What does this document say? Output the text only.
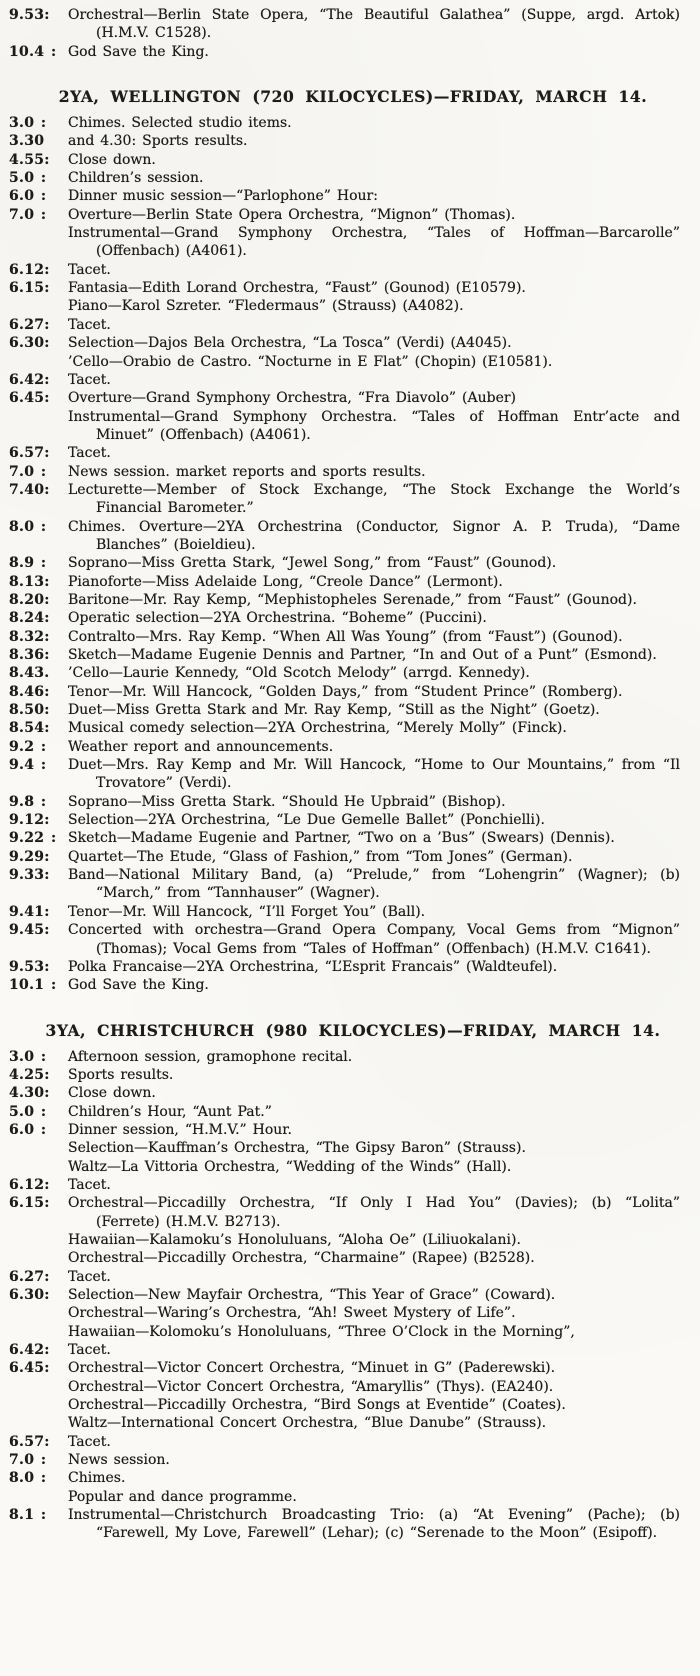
9.53:	Orchestral—Berlin State Opera, “The Beautiful Galathea” (Suppe, argd. Artok) (H.M.V. C1528).

10.4 : God Save the King.

2YA, WELLINGTON (720 KILOCYCLES)—FRIDAY, MARCH 14.

3.0 :	Chimes. Selected studio items.

3.30	and 4.30: Sports results.

4.55:	Close down.

5.0 :	Children’s session.

6.0 :	Dinner music session—“Parlophone” Hour:

7.0 :	Overture—Berlin State Opera Orchestra, “Mignon” (Thomas).

Instrumental—Grand Symphony Orchestra, “Tales of Hoffman—Barcarolle” (Offenbach) (A4061).

6.12:	Tacet.

6.15:	Fantasia—Edith Lorand Orchestra, “Faust” (Gounod) (E10579).

Piano—Karol Szreter. “Fledermaus” (Strauss) (A4082).

6.27:	Tacet.

6.30:	Selection—Dajos Bela Orchestra, “La Tosca” (Verdi) (A4045).

’Cello—Orabio de Castro. “Nocturne in E Flat” (Chopin) (E10581).

6.42:	Tacet.

6.45:	Overture—Grand Symphony Orchestra, “Fra Diavolo” (Auber)

Instrumental—Grand Symphony Orchestra. “Tales of Hoffman Entr’acte and Minuet” (Offenbach) (A4061).

6.57:	Tacet.

7.0 :	News session. market reports and sports results.

7.40:	Lecturette—Member of Stock Exchange, “The Stock Exchange the World’s Financial Barometer.”

8.0 :	Chimes. Overture—2YA Orchestrina (Conductor, Signor A. P. Truda), “Dame Blanches” (Boieldieu).

8.9 :	Soprano—Miss Gretta Stark, “Jewel Song,” from “Faust” (Gounod).

8.13:	Pianoforte—Miss Adelaide Long, “Creole Dance” (Lermont).

8.20:	Baritone—Mr. Ray Kemp, “Mephistopheles Serenade,” from “Faust” (Gounod).

8.24:	Operatic selection—2YA Orchestrina. “Boheme” (Puccini).

8.32:	Contralto—Mrs. Ray Kemp. “When All Was Young” (from “Faust”) (Gounod).

8.36:	Sketch—Madame Eugenie Dennis and Partner, “In and Out of a Punt” (Esmond).

8.43.	’Cello—Laurie Kennedy, “Old Scotch Melody” (arrgd. Kennedy).

8.46:	Tenor—Mr. Will Hancock, “Golden Days,” from “Student Prince” (Romberg).

8.50:	Duet—Miss Gretta Stark and Mr. Ray Kemp, “Still as the Night” (Goetz).

8.54:	Musical comedy selection—2YA Orchestrina, “Merely Molly” (Finck).

9.2 :	Weather report and announcements.

9.4 :	Duet—Mrs. Ray Kemp and Mr. Will Hancock, “Home to Our Mountains,” from “Il Trovatore” (Verdi).

9.8 :	Soprano—Miss Gretta Stark. “Should He Upbraid” (Bishop).

9.12:	Selection—2YA Orchestrina, “Le Due Gemelle Ballet” (Ponchielli).

9.22 : Sketch—Madame Eugenie and Partner, “Two on a ’Bus” (Swears) (Dennis).

9.29:	Quartet—The Etude, “Glass of Fashion,” from “Tom Jones” (German).

9.33:	Band—National Military Band, (a) “Prelude,” from “Lohengrin” (Wagner); (b) “March,” from “Tannhauser” (Wagner).

9.41:	Tenor—Mr. Will Hancock, “I’ll Forget You” (Ball).

9.45:	Concerted with orchestra—Grand Opera Company, Vocal Gems from “Mignon” (Thomas); Vocal Gems from “Tales of Hoffman” (Offenbach) (H.M.V. C1641).

9.53:	Polka Francaise—2YA Orchestrina, “L’Esprit Francais” (Waldteufel).

10.1 : God Save the King.

3YA, CHRISTCHURCH (980 KILOCYCLES)—FRIDAY, MARCH 14.

3.0 :	Afternoon session, gramophone recital.

4.25:	Sports results.

4.30:	Close down.

5.0 :	Children’s Hour, “Aunt Pat.”

6.0 :	Dinner session, “H.M.V.” Hour.

Selection—Kauffman’s Orchestra, “The Gipsy Baron” (Strauss).

Waltz—La Vittoria Orchestra, “Wedding of the Winds” (Hall).

6.12:	Tacet.

6.15:	Orchestral—Piccadilly Orchestra, “If Only I Had You” (Davies); (b) “Lolita” (Ferrete) (H.M.V. B2713).

Hawaiian—Kalamoku’s Honoluluans, “Aloha Oe” (Liliuokalani).

Orchestral—Piccadilly Orchestra, “Charmaine” (Rapee) (B2528).

6.27:	Tacet.

6.30:	Selection—New Mayfair Orchestra, “This Year of Grace” (Coward).

Orchestral—Waring’s Orchestra, “Ah! Sweet Mystery of Life”.

Hawaiian—Kolomoku’s Honoluluans, “Three O’Clock in the Morning”,

6.42:	Tacet.

6.45:	Orchestral—Victor Concert Orchestra, “Minuet in G” (Paderewski).

Orchestral—Victor Concert Orchestra, “Amaryllis” (Thys). (EA240).

Orchestral—Piccadilly Orchestra, “Bird Songs at Eventide” (Coates).

Waltz—International Concert Orchestra, “Blue Danube” (Strauss).

6.57:	Tacet.

7.0 :	News session.

8.0 :	Chimes.

Popular and dance programme.

8.1 :	Instrumental—Christchurch Broadcasting Trio: (a) “At Evening” (Pache); (b) “Farewell, My Love, Farewell” (Lehar); (c) “Serenade to the Moon” (Esipoff).
